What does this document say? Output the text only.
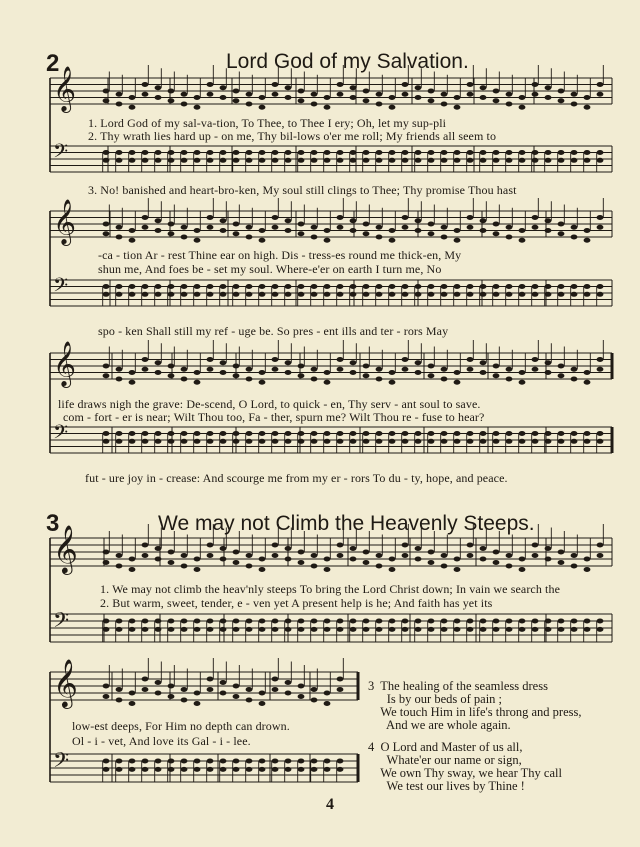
𝄞
𝄢
𝄞
𝄢
𝄞
𝄢
𝄞
𝄢
𝄞
𝄢
2	Lord God of my Salvation.
1. Lord God of my sal-va-tion, To Thee, to Thee I ery; Oh, let my sup-pli
2. Thy wrath lies hard up - on me, Thy bil-lows o'er me roll; My friends all seem to
3. No! banished and heart-bro-ken, My soul still clings to Thee; Thy promise Thou hast
-ca - tion Ar - rest Thine ear on high. Dis - tress-es round me thick-en, My
shun me, And foes be - set my soul. Where-e'er on earth I turn me, No
spo - ken Shall still my ref - uge be. So pres - ent ills and ter - rors May
life draws nigh the grave: De-scend, O Lord, to quick - en, Thy serv - ant soul to save.
com - fort - er is near; Wilt Thou too, Fa - ther, spurn me? Wilt Thou re - fuse to hear?
fut - ure joy in - crease: And scourge me from my er - rors To du - ty, hope, and peace.
3	We may not Climb the Heavenly Steeps.
1. We may not climb the heav'nly steeps To bring the Lord Christ down; In vain we search the
2. But warm, sweet, tender, e - ven yet A present help is he; And faith has yet its
low-est deeps, For Him no depth can drown.
Ol - i - vet, And love its Gal - i - lee.
3  The healing of the seamless dress
Is by our beds of pain ;
We touch Him in life's throng and press,
And we are whole again.
4  O Lord and Master of us all,
Whate'er our name or sign,
We own Thy sway, we hear Thy call
We test our lives by Thine !
4
